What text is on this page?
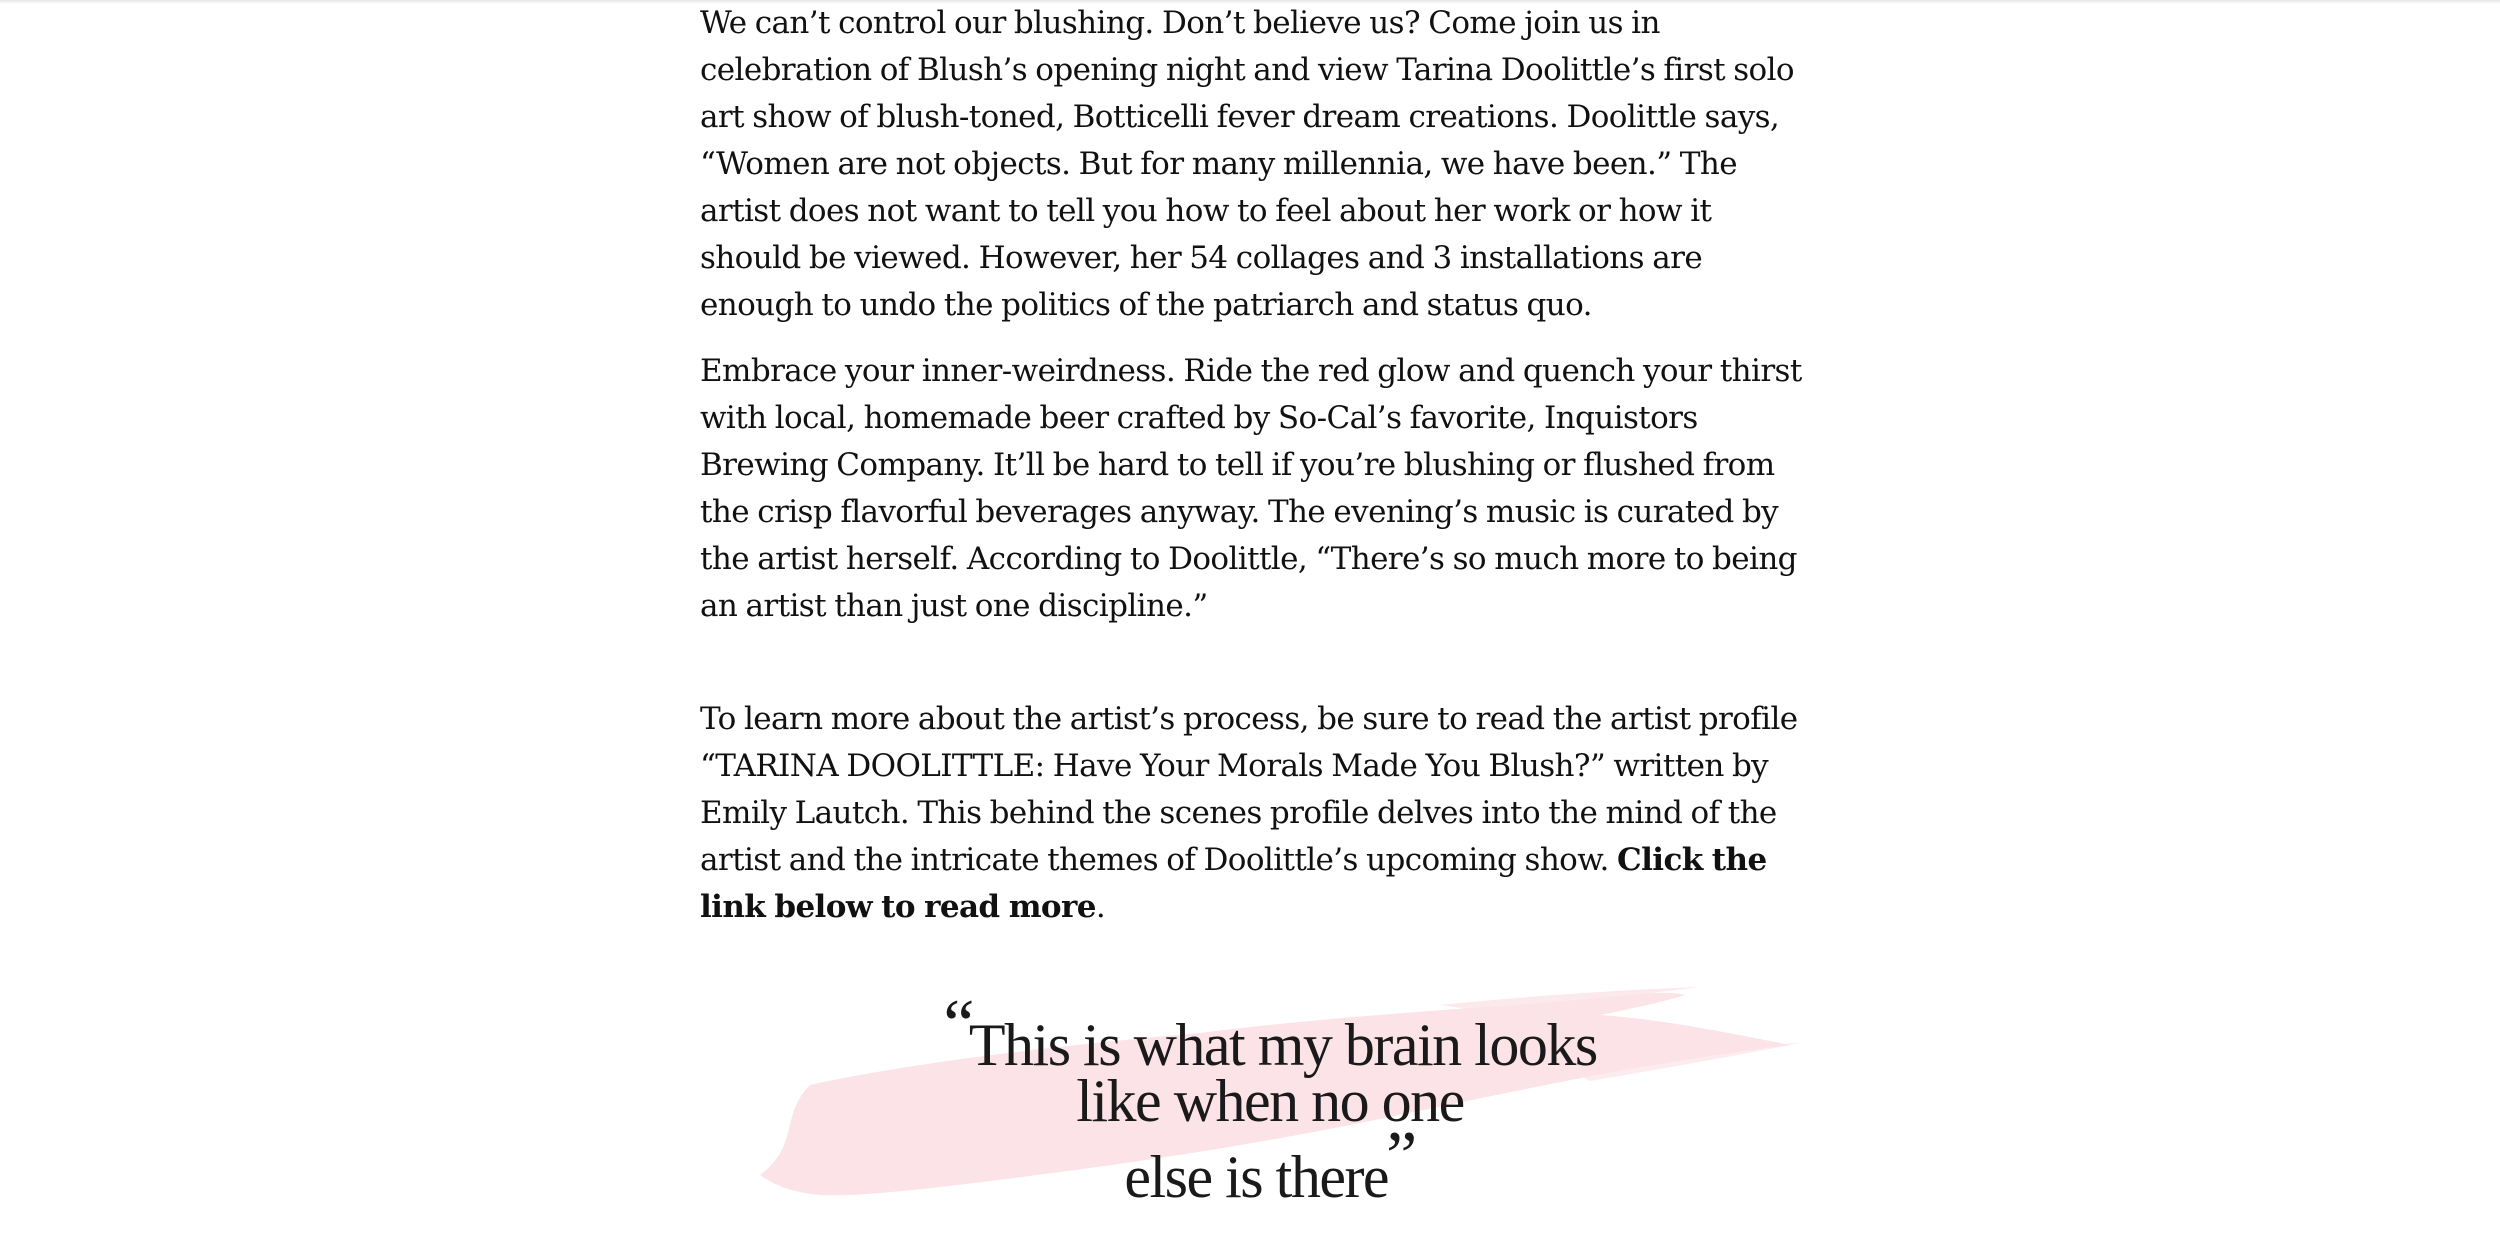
We can’t control our blushing. Don’t believe us? Come join us in celebration of Blush’s opening night and view Tarina Doolittle’s first solo art show of blush-toned, Botticelli fever dream creations. Doolittle says, “Women are not objects. But for many millennia, we have been.” The artist does not want to tell you how to feel about her work or how it should be viewed. However, her 54 collages and 3 installations are enough to undo the politics of the patriarch and status quo.

Embrace your inner-weirdness. Ride the red glow and quench your thirst with local, homemade beer crafted by So-Cal’s favorite, Inquistors Brewing Company. It’ll be hard to tell if you’re blushing or flushed from the crisp flavorful beverages anyway. The evening’s music is curated by the artist herself. According to Doolittle, “There’s so much more to being an artist than just one discipline.”

To learn more about the artist’s process, be sure to read the artist profile “TARINA DOOLITTLE: Have Your Morals Made You Blush?” written by Emily Lautch. This behind the scenes profile delves into the mind of the artist and the intricate themes of Doolittle’s upcoming show. Click the link below to read more.

“This is what my brain looks
like when no one
else is there”
